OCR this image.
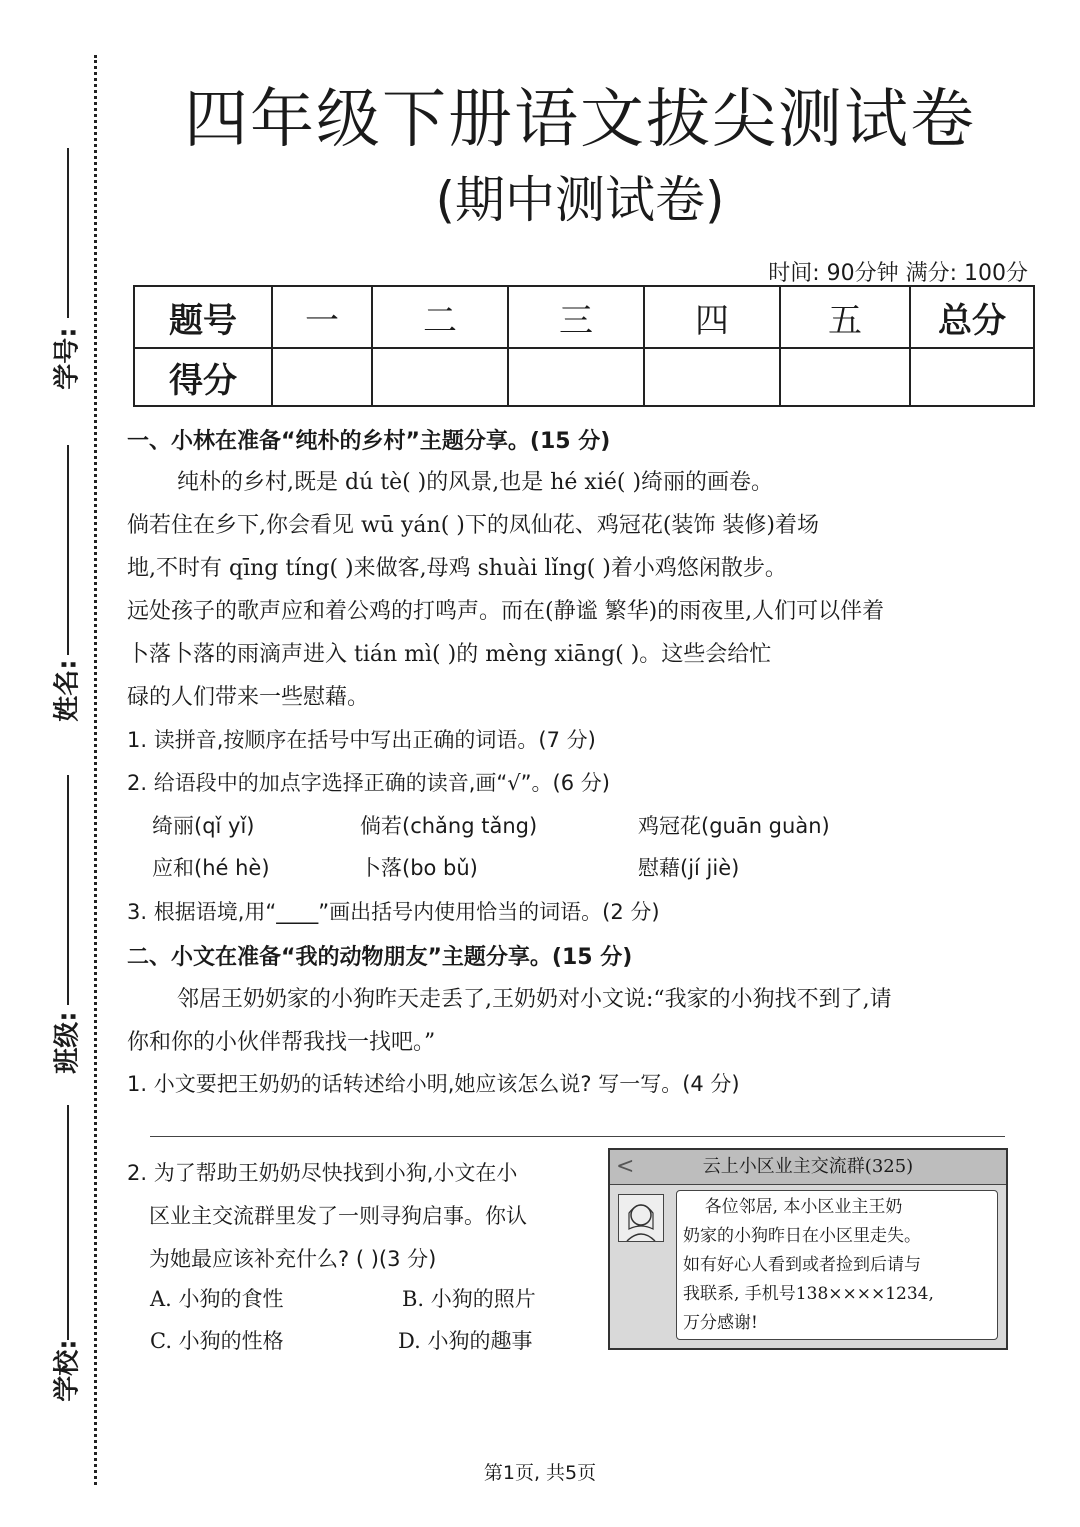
学号:
姓名:
班级:
学校:
四年级下册语文拔尖测试卷
(期中测试卷)
时间: 90分钟 满分: 100分
题号	一	二	三	四	五	总分
得分						
一、小林在准备“纯朴的乡村”主题分享。(15 分)
纯朴的乡村,既是 dú tè( )的风景,也是 hé xié( )绮丽的画卷。
倘若住在乡下,你会看见 wū yán( )下的凤仙花、鸡冠花(装饰 装修)着场
地,不时有 qīng tíng( )来做客,母鸡 shuài lǐng( )着小鸡悠闲散步。
远处孩子的歌声应和着公鸡的打鸣声。而在(静谧 繁华)的雨夜里,人们可以伴着
卜落卜落的雨滴声进入 tián mì( )的 mèng xiāng( )。这些会给忙
碌的人们带来一些慰藉。
1. 读拼音,按顺序在括号中写出正确的词语。(7 分)
2. 给语段中的加点字选择正确的读音,画“√”。(6 分)
绮丽(qǐ yǐ)	倘若(chǎng tǎng)	鸡冠花(guān guàn)
应和(hé hè)	卜落(bo bǔ)	慰藉(jí jiè)
3. 根据语境,用“____”画出括号内使用恰当的词语。(2 分)
二、小文在准备“我的动物朋友”主题分享。(15 分)
邻居王奶奶家的小狗昨天走丢了,王奶奶对小文说:“我家的小狗找不到了,请
你和你的小伙伴帮我找一找吧。”
1. 小文要把王奶奶的话转述给小明,她应该怎么说? 写一写。(4 分)
2. 为了帮助王奶奶尽快找到小狗,小文在小
区业主交流群里发了一则寻狗启事。你认
为她最应该补充什么? ( )(3 分)
A. 小狗的食性	B. 小狗的照片
C. 小狗的性格	D. 小狗的趣事
<	云上小区业主交流群(325)
各位邻居, 本小区业主王奶
奶家的小狗昨日在小区里走失。
如有好心人看到或者捡到后请与
我联系, 手机号138××××1234,
万分感谢!
第1页, 共5页
